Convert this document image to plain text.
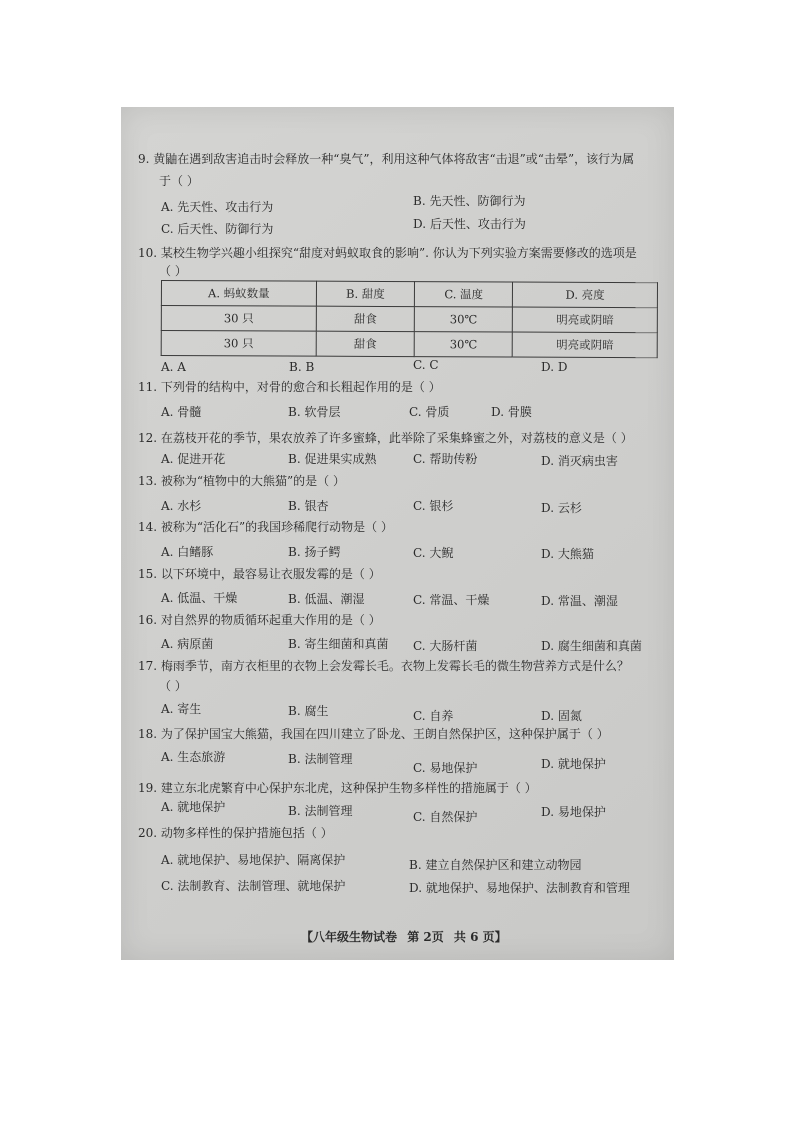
9. 黄鼬在遇到敌害追击时会释放一种“臭气”，利用这种气体将敌害“击退”或“击晕”，该行为属
于（ ）
A. 先天性、攻击行为	B. 先天性、防御行为
C. 后天性、防御行为	D. 后天性、攻击行为
10. 某校生物学兴趣小组探究“甜度对蚂蚁取食的影响”. 你认为下列实验方案需要修改的选项是
（ ）
A. 蚂蚁数量	B. 甜度	C. 温度	D. 亮度
30 只	甜食	30℃	明亮或阴暗
30 只	甜食	30℃	明亮或阴暗
A. A	B. B	C. C	D. D
11. 下列骨的结构中，对骨的愈合和长粗起作用的是（ ）
A. 骨髓	B. 软骨层	C. 骨质	D. 骨膜
12. 在荔枝开花的季节，果农放养了许多蜜蜂，此举除了采集蜂蜜之外，对荔枝的意义是（ ）
A. 促进开花	B. 促进果实成熟	C. 帮助传粉	D. 消灭病虫害
13. 被称为“植物中的大熊猫”的是（ ）
A. 水杉	B. 银杏	C. 银杉	D. 云杉
14. 被称为“活化石”的我国珍稀爬行动物是（ ）
A. 白鳍豚	B. 扬子鳄	C. 大鲵	D. 大熊猫
15. 以下环境中，最容易让衣服发霉的是（ ）
A. 低温、干燥	B. 低温、潮湿	C. 常温、干燥	D. 常温、潮湿
16. 对自然界的物质循环起重大作用的是（ ）
A. 病原菌	B. 寄生细菌和真菌 C. 大肠杆菌	D. 腐生细菌和真菌
17. 梅雨季节，南方衣柜里的衣物上会发霉长毛。衣物上发霉长毛的微生物营养方式是什么？
（ ）
A. 寄生	B. 腐生	C. 自养	D. 固氮
18. 为了保护国宝大熊猫，我国在四川建立了卧龙、王朗自然保护区，这种保护属于（ ）
A. 生态旅游	B. 法制管理
C. 易地保护	D. 就地保护
19. 建立东北虎繁育中心保护东北虎，这种保护生物多样性的措施属于（ ）
A. 就地保护	B. 法制管理	C. 自然保护	D. 易地保护
20. 动物多样性的保护措施包括（ ）
A. 就地保护、易地保护、隔离保护	B. 建立自然保护区和建立动物园
C. 法制教育、法制管理、就地保护	D. 就地保护、易地保护、法制教育和管理
【八年级生物试卷 第 2页 共 6 页】
